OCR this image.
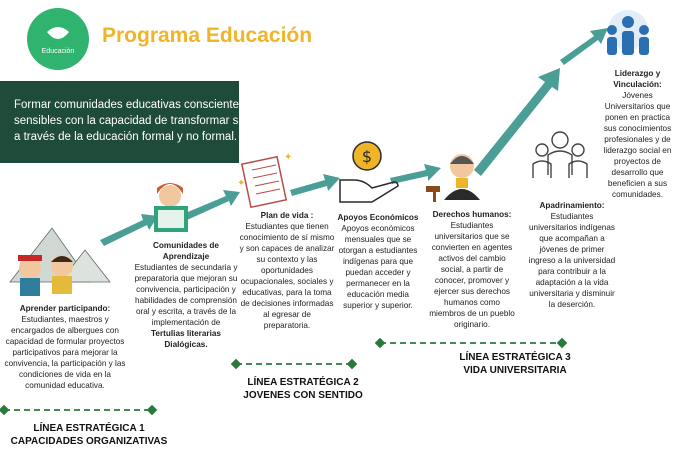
✦
✦	$
Educación
Programa Educación
Formar comunidades educativas conscientes y sensibles con la capacidad de transformar su entorno a través de la educación formal y no formal.
Aprender participando:
Estudiantes, maestros y encargados de albergues con capacidad de formular proyectos participativos para mejorar la convivencia, la participación y las condiciones de vida en la comunidad educativa.
Comunidades de Aprendizaje
Estudiantes de secundaria y preparatoria que mejoran su convivencia, participación y habilidades de comprensión oral y escrita, a través de la implementación de
Tertulias literarias Dialógicas.
Plan de vida :
Estudiantes que tienen conocimiento de sí mismo y son capaces de analizar su contexto y las oportunidades ocupacionales, sociales y educativas, para la toma de decisiones informadas al egresar de preparatoria.
Apoyos Económicos
Apoyos económicos mensuales que se otorgan a estudiantes indígenas para que puedan acceder y permanecer en la educación media superior y superior.
Derechos humanos:
Estudiantes universitarios que se convierten en agentes activos del cambio social, a partir de conocer, promover y ejercer sus derechos humanos como miembros de un pueblo originario.
Apadrinamiento:
Estudiantes universitarios indígenas que acompañan a jóvenes de primer ingreso a la universidad para contribuir a la adaptación a la vida universitaria y disminuir la deserción.
Liderazgo y Vinculación:
Jóvenes Universitarios que ponen en practica sus conocimientos profesionales y de liderazgo social en proyectos de desarrollo que beneficien a sus comunidades.
LÍNEA ESTRATÉGICA 1
CAPACIDADES ORGANIZATIVAS
LÍNEA ESTRATÉGICA 2
JOVENES CON SENTIDO
LÍNEA ESTRATÉGICA 3
VIDA UNIVERSITARIA
